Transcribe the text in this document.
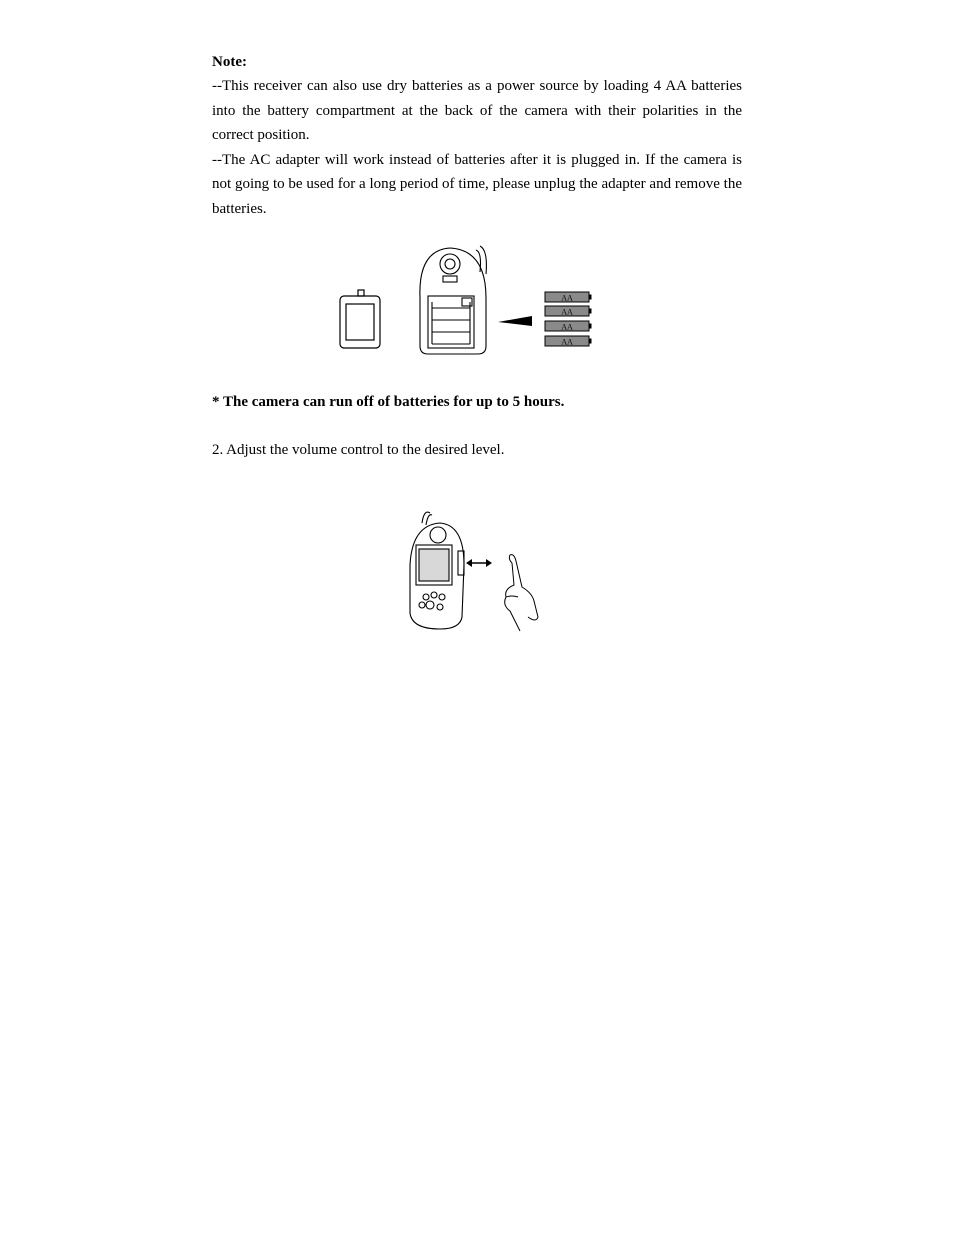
Note:

--This receiver can also use dry batteries as a power source by loading 4 AA batteries into the battery compartment at the back of the camera with their polarities in the correct position.

--The AC adapter will work instead of batteries after it is plugged in. If the camera is not going to be used for a long period of time, please unplug the adapter and remove the batteries.

AA
AA
AA
AA

* The camera can run off of batteries for up to 5 hours.

2. Adjust the volume control to the desired level.
